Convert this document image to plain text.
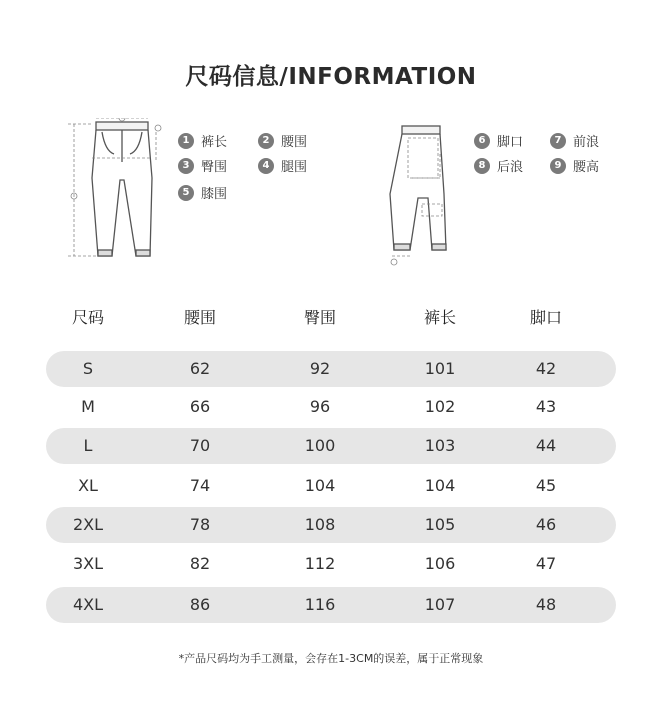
尺码信息/INFORMATION
1 裤长	2 腰围
3 臀围	4 腿围
5 膝围
6 脚口	7 前浪
8 后浪	9 腰高
尺码	腰围	臀围	裤长	脚口
S	62	92	101	42
M	66	96	102	43
L	70	100	103	44
XL	74	104	104	45
2XL	78	108	105	46
3XL	82	112	106	47
4XL	86	116	107	48
*产品尺码均为手工测量，会存在1-3CM的误差，属于正常现象
